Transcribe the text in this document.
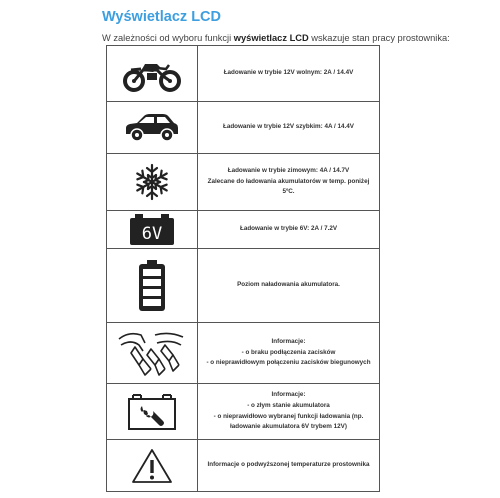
Wyświetlacz LCD
W zależności od wyboru funkcji wyświetlacz LCD wskazuje stan pracy prostownika:

Ładowanie w trybie 12V wolnym: 2A / 14.4V

Ładowanie w trybie 12V szybkim: 4A / 14.4V

Ładowanie w trybie zimowym: 4A / 14.7V
Zalecane do ładowania akumulatorów w temp. poniżej 5ºC.

6V	Ładowanie w trybie 6V: 2A / 7.2V

Poziom naładowania akumulatora.

Informacje:
- o braku podłączenia zacisków
- o nieprawidłowym połączeniu zacisków biegunowych

Informacje:
- o złym stanie akumulatora
- o nieprawidłowo wybranej funkcji ładowania (np.
ładowanie akumulatora 6V trybem 12V)

Informacje o podwyższonej temperaturze prostownika
